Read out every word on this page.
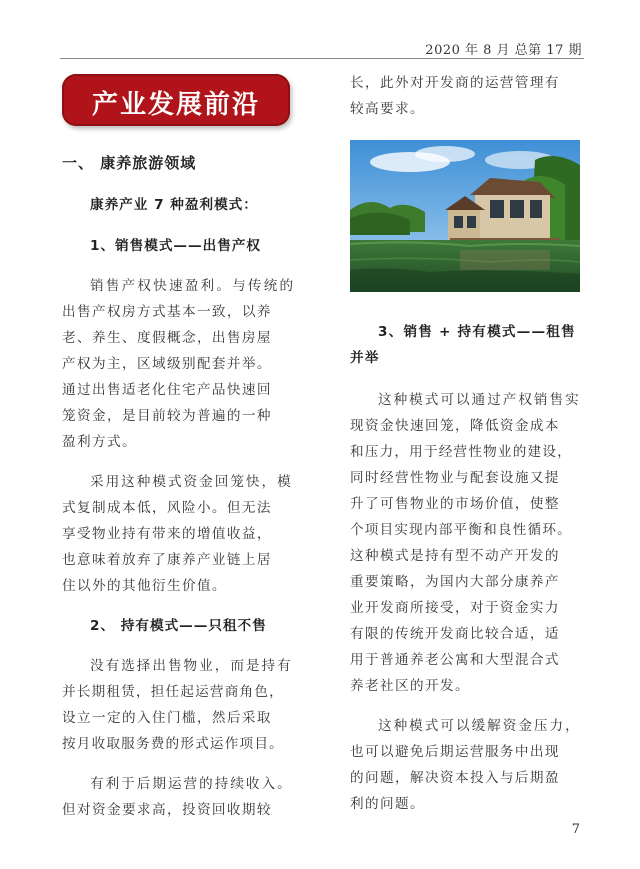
2020 年 8 月 总第 17 期
产业发展前沿
一、 康养旅游领域
康养产业 7 种盈利模式：
1、销售模式——出售产权
销售产权快速盈利。与传统的
出售产权房方式基本一致，以养
老、养生、度假概念，出售房屋
产权为主，区域级别配套并举。
通过出售适老化住宅产品快速回
笼资金，是目前较为普遍的一种
盈利方式。
采用这种模式资金回笼快，模
式复制成本低，风险小。但无法
享受物业持有带来的增值收益，
也意味着放弃了康养产业链上居
住以外的其他衍生价值。
2、 持有模式——只租不售
没有选择出售物业，而是持有
并长期租赁，担任起运营商角色，
设立一定的入住门槛，然后采取
按月收取服务费的形式运作项目。
有利于后期运营的持续收入。
但对资金要求高，投资回收期较
长，此外对开发商的运营管理有
较高要求。
3、销售 + 持有模式——租售
并举
这种模式可以通过产权销售实
现资金快速回笼，降低资金成本
和压力，用于经营性物业的建设，
同时经营性物业与配套设施又提
升了可售物业的市场价值，使整
个项目实现内部平衡和良性循环。
这种模式是持有型不动产开发的
重要策略，为国内大部分康养产
业开发商所接受，对于资金实力
有限的传统开发商比较合适，适
用于普通养老公寓和大型混合式
养老社区的开发。
这种模式可以缓解资金压力，
也可以避免后期运营服务中出现
的问题，解决资本投入与后期盈
利的问题。
7
